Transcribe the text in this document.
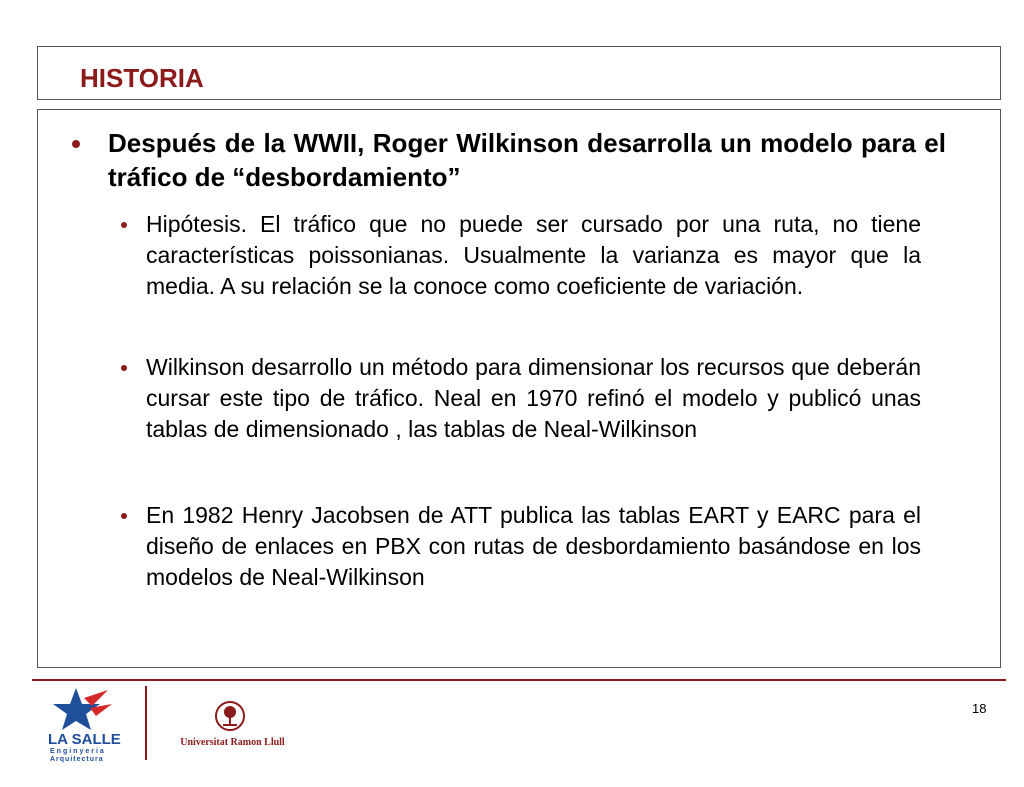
HISTORIA
Después de la WWII, Roger Wilkinson desarrolla un modelo para el tráfico de “desbordamiento”
Hipótesis. El tráfico que no puede ser cursado por una ruta, no tiene características poissonianas. Usualmente la varianza es mayor que la media. A su relación se la conoce como coeficiente de variación.
Wilkinson desarrollo un método para dimensionar los recursos que deberán cursar este tipo de tráfico. Neal en 1970 refinó el modelo y publicó unas tablas de dimensionado , las tablas de Neal-Wilkinson
En 1982 Henry Jacobsen de ATT publica las tablas EART y EARC para el diseño de enlaces en PBX con rutas de desbordamiento basándose en los modelos de Neal-Wilkinson
LA SALLE
Enginyeria
Arquitectura
Universitat Ramon Llull
18
